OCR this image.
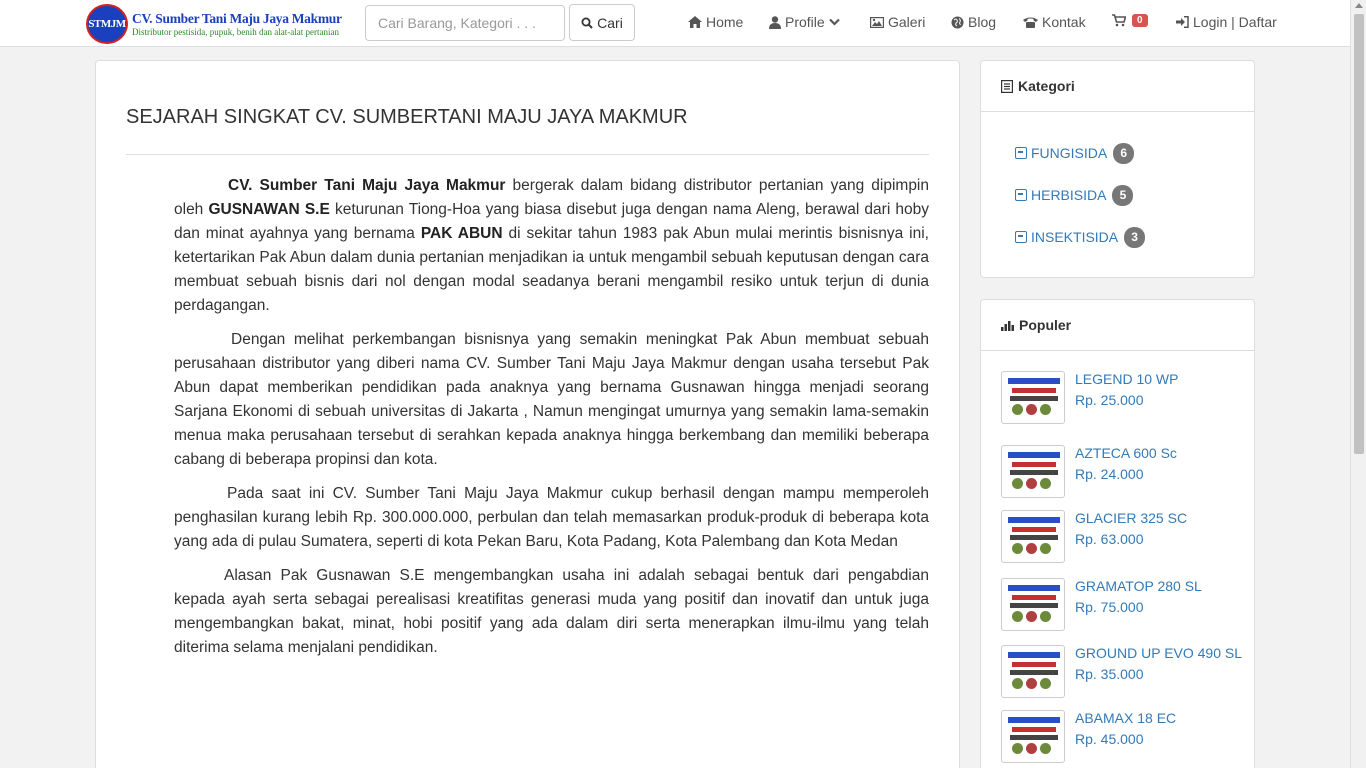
STMJM CV. Sumber Tani Maju Jaya Makmur
Distributor pestisida, pupuk, benih dan alat-alat pertanian
Cari Barang, Kategori . . .
Cari	Home	Profile	Galeri	Blog	Kontak	0	Login | Daftar
SEJARAH SINGKAT CV. SUMBERTANI MAJU JAYA MAKMUR

CV. Sumber Tani Maju Jaya Makmur bergerak dalam bidang distributor pertanian yang dipimpin oleh GUSNAWAN S.E keturunan Tiong-Hoa yang biasa disebut juga dengan nama Aleng, berawal dari hoby dan minat ayahnya yang bernama PAK ABUN di sekitar tahun 1983 pak Abun mulai merintis bisnisnya ini, ketertarikan Pak Abun dalam dunia pertanian menjadikan ia untuk mengambil sebuah keputusan dengan cara membuat sebuah bisnis dari nol dengan modal seadanya berani mengambil resiko untuk terjun di dunia perdagangan.

Dengan melihat perkembangan bisnisnya yang semakin meningkat Pak Abun membuat sebuah perusahaan distributor yang diberi nama CV. Sumber Tani Maju Jaya Makmur dengan usaha tersebut Pak Abun dapat memberikan pendidikan pada anaknya yang bernama Gusnawan hingga menjadi seorang Sarjana Ekonomi di sebuah universitas di Jakarta , Namun mengingat umurnya yang semakin lama-semakin menua maka perusahaan tersebut di serahkan kepada anaknya hingga berkembang dan memiliki beberapa cabang di beberapa propinsi dan kota.

Pada saat ini CV. Sumber Tani Maju Jaya Makmur cukup berhasil dengan mampu memperoleh penghasilan kurang lebih Rp. 300.000.000, perbulan dan telah memasarkan produk-produk di beberapa kota yang ada di pulau Sumatera, seperti di kota Pekan Baru, Kota Padang, Kota Palembang dan Kota Medan

Alasan Pak Gusnawan S.E mengembangkan usaha ini adalah sebagai bentuk dari pengabdian kepada ayah serta sebagai perealisasi kreatifitas generasi muda yang positif dan inovatif dan untuk juga mengembangkan bakat, minat, hobi positif yang ada dalam diri serta menerapkan ilmu-ilmu yang telah diterima selama menjalani pendidikan.

Kategori
FUNGISIDA	6
HERBISIDA	5
INSEKTISIDA	3
Populer
LEGEND 10 WP
Rp. 25.000
AZTECA 600 Sc
Rp. 24.000
GLACIER 325 SC
Rp. 63.000
GRAMATOP 280 SL
Rp. 75.000
GROUND UP EVO 490 SL
Rp. 35.000
ABAMAX 18 EC
Rp. 45.000
